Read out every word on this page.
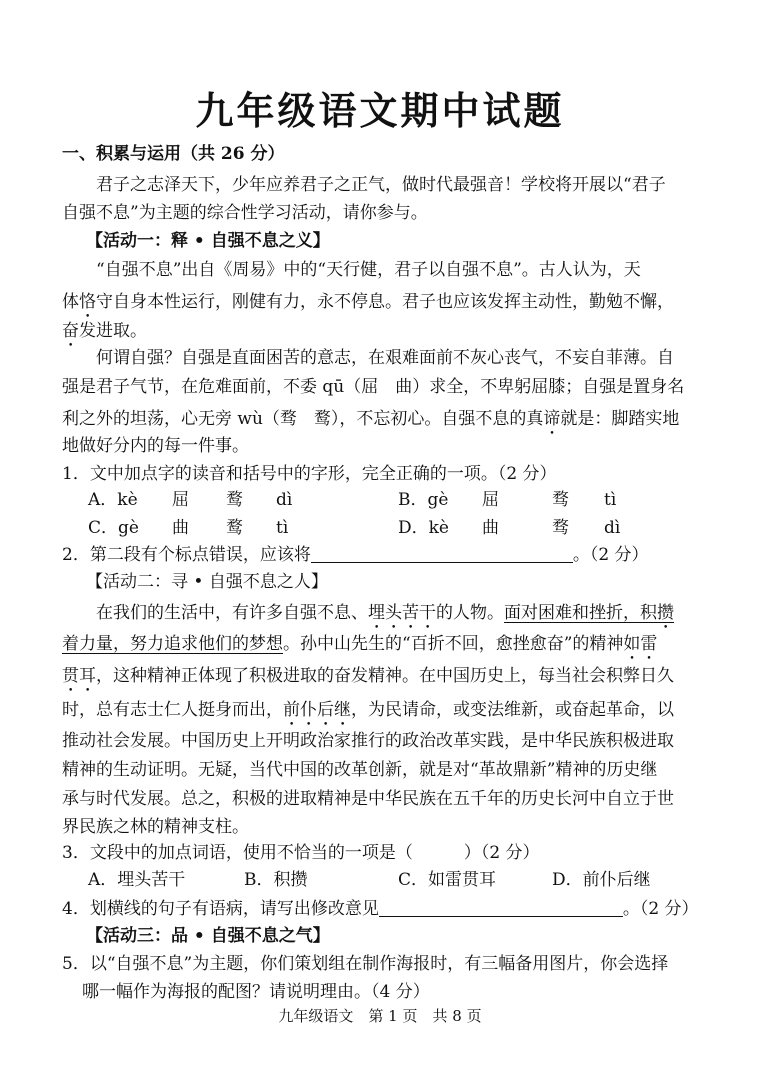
九年级语文期中试题
一、积累与运用（共 26 分）
君子之志泽天下，少年应养君子之正气，做时代最强音！学校将开展以“君子
自强不息”为主题的综合性学习活动，请你参与。
【活动一：释 • 自强不息之义】
“自强不息”出自《周易》中的“天行健，君子以自强不息”。古人认为，天
体恪守自身本性运行，刚健有力，永不停息。君子也应该发挥主动性，勤勉不懈，
奋发进取。
何谓自强？自强是直面困苦的意志，在艰难面前不灰心丧气，不妄自菲薄。自
强是君子气节，在危难面前，不委 qū（屈　曲）求全，不卑躬屈膝；自强是置身名
利之外的坦荡，心无旁 wù（骛　鹜），不忘初心。自强不息的真谛就是：脚踏实地
地做好分内的每一件事。
1．文中加点字的读音和括号中的字形，完全正确的一项。（2 分）
A．kè 屈 鹜 dì	B．gè 屈	骛 tì
C．gè 曲 鹜 tì	D．kè 曲	骛 dì
2．第二段有个标点错误，应该将	。（2 分）
【活动二：寻 • 自强不息之人】
在我们的生活中，有许多自强不息、埋头苦干的人物。面对困难和挫折，积攒
着力量，努力追求他们的梦想。孙中山先生的“百折不回，愈挫愈奋”的精神如雷
贯耳，这种精神正体现了积极进取的奋发精神。在中国历史上，每当社会积弊日久
时，总有志士仁人挺身而出，前仆后继，为民请命，或变法维新，或奋起革命，以
推动社会发展。中国历史上开明政治家推行的政治改革实践，是中华民族积极进取
精神的生动证明。无疑，当代中国的改革创新，就是对“革故鼎新”精神的历史继
承与时代发展。总之，积极的进取精神是中华民族在五千年的历史长河中自立于世
界民族之林的精神支柱。
3．文段中的加点词语，使用不恰当的一项是（　　　）（2 分）
A．埋头苦干	B．积攒	C．如雷贯耳	D．前仆后继
4．划横线的句子有语病，请写出修改意见	。（2 分）
【活动三：品 • 自强不息之气】
5．以“自强不息”为主题，你们策划组在制作海报时，有三幅备用图片，你会选择
哪一幅作为海报的配图？请说明理由。（4 分）
九年级语文　第 1 页　共 8 页
